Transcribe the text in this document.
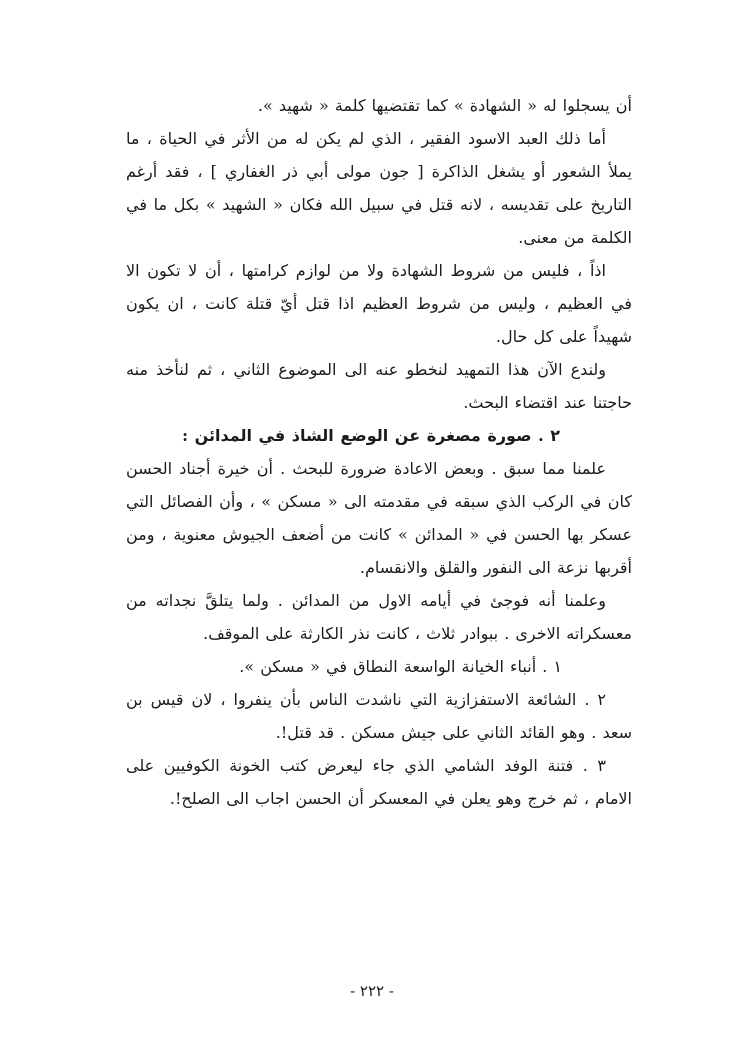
أن يسجلوا له « الشهادة » كما تقتضيها كلمة « شهيد ».

أما ذلك العبد الاسود الفقير ، الذي لم يكن له من الأثر في الحياة ، ما يملأ الشعور أو يشغل الذاكرة [ جون مولى أبي ذر الغفاري ] ، فقد أرغم التاريخ على تقديسه ، لانه قتل في سبيل الله فكان « الشهيد » بكل ما في الكلمة من معنى.

اذاً ، فليس من شروط الشهادة ولا من لوازم كرامتها ، أن لا تكون الا في العظيم ، وليس من شروط العظيم اذا قتل أيّ قتلة كانت ، ان يكون شهيداً على كل حال.

ولندع الآن هذا التمهيد لنخطو عنه الى الموضوع الثاني ، ثم لنأخذ منه حاجتنا عند اقتضاء البحث.

٢ . صورة مصغرة عن الوضع الشاذ في المدائن :

علمنا مما سبق . وبعض الاعادة ضرورة للبحث . أن خيرة أجناد الحسن كان في الركب الذي سبقه في مقدمته الى « مسكن » ، وأن الفصائل التي عسكر بها الحسن في « المدائن » كانت من أضعف الجيوش معنوية ، ومن أقربها نزعة الى النفور والقلق والانقسام.

وعلمنا أنه فوجئ في أيامه الاول من المدائن . ولما يتلقَّ نجداته من معسكراته الاخرى . ببوادر ثلاث ، كانت نذر الكارثة على الموقف.

١ . أنباء الخيانة الواسعة النطاق في « مسكن ».

٢ . الشائعة الاستفزازية التي ناشدت الناس بأن ينفروا ، لان قيس بن سعد . وهو القائد الثاني على جيش مسكن . قد قتل!.

٣ . فتنة الوفد الشامي الذي جاء ليعرض كتب الخونة الكوفيين على الامام ، ثم خرج وهو يعلن في المعسكر أن الحسن اجاب الى الصلح!.

- ٢٢٢ -
